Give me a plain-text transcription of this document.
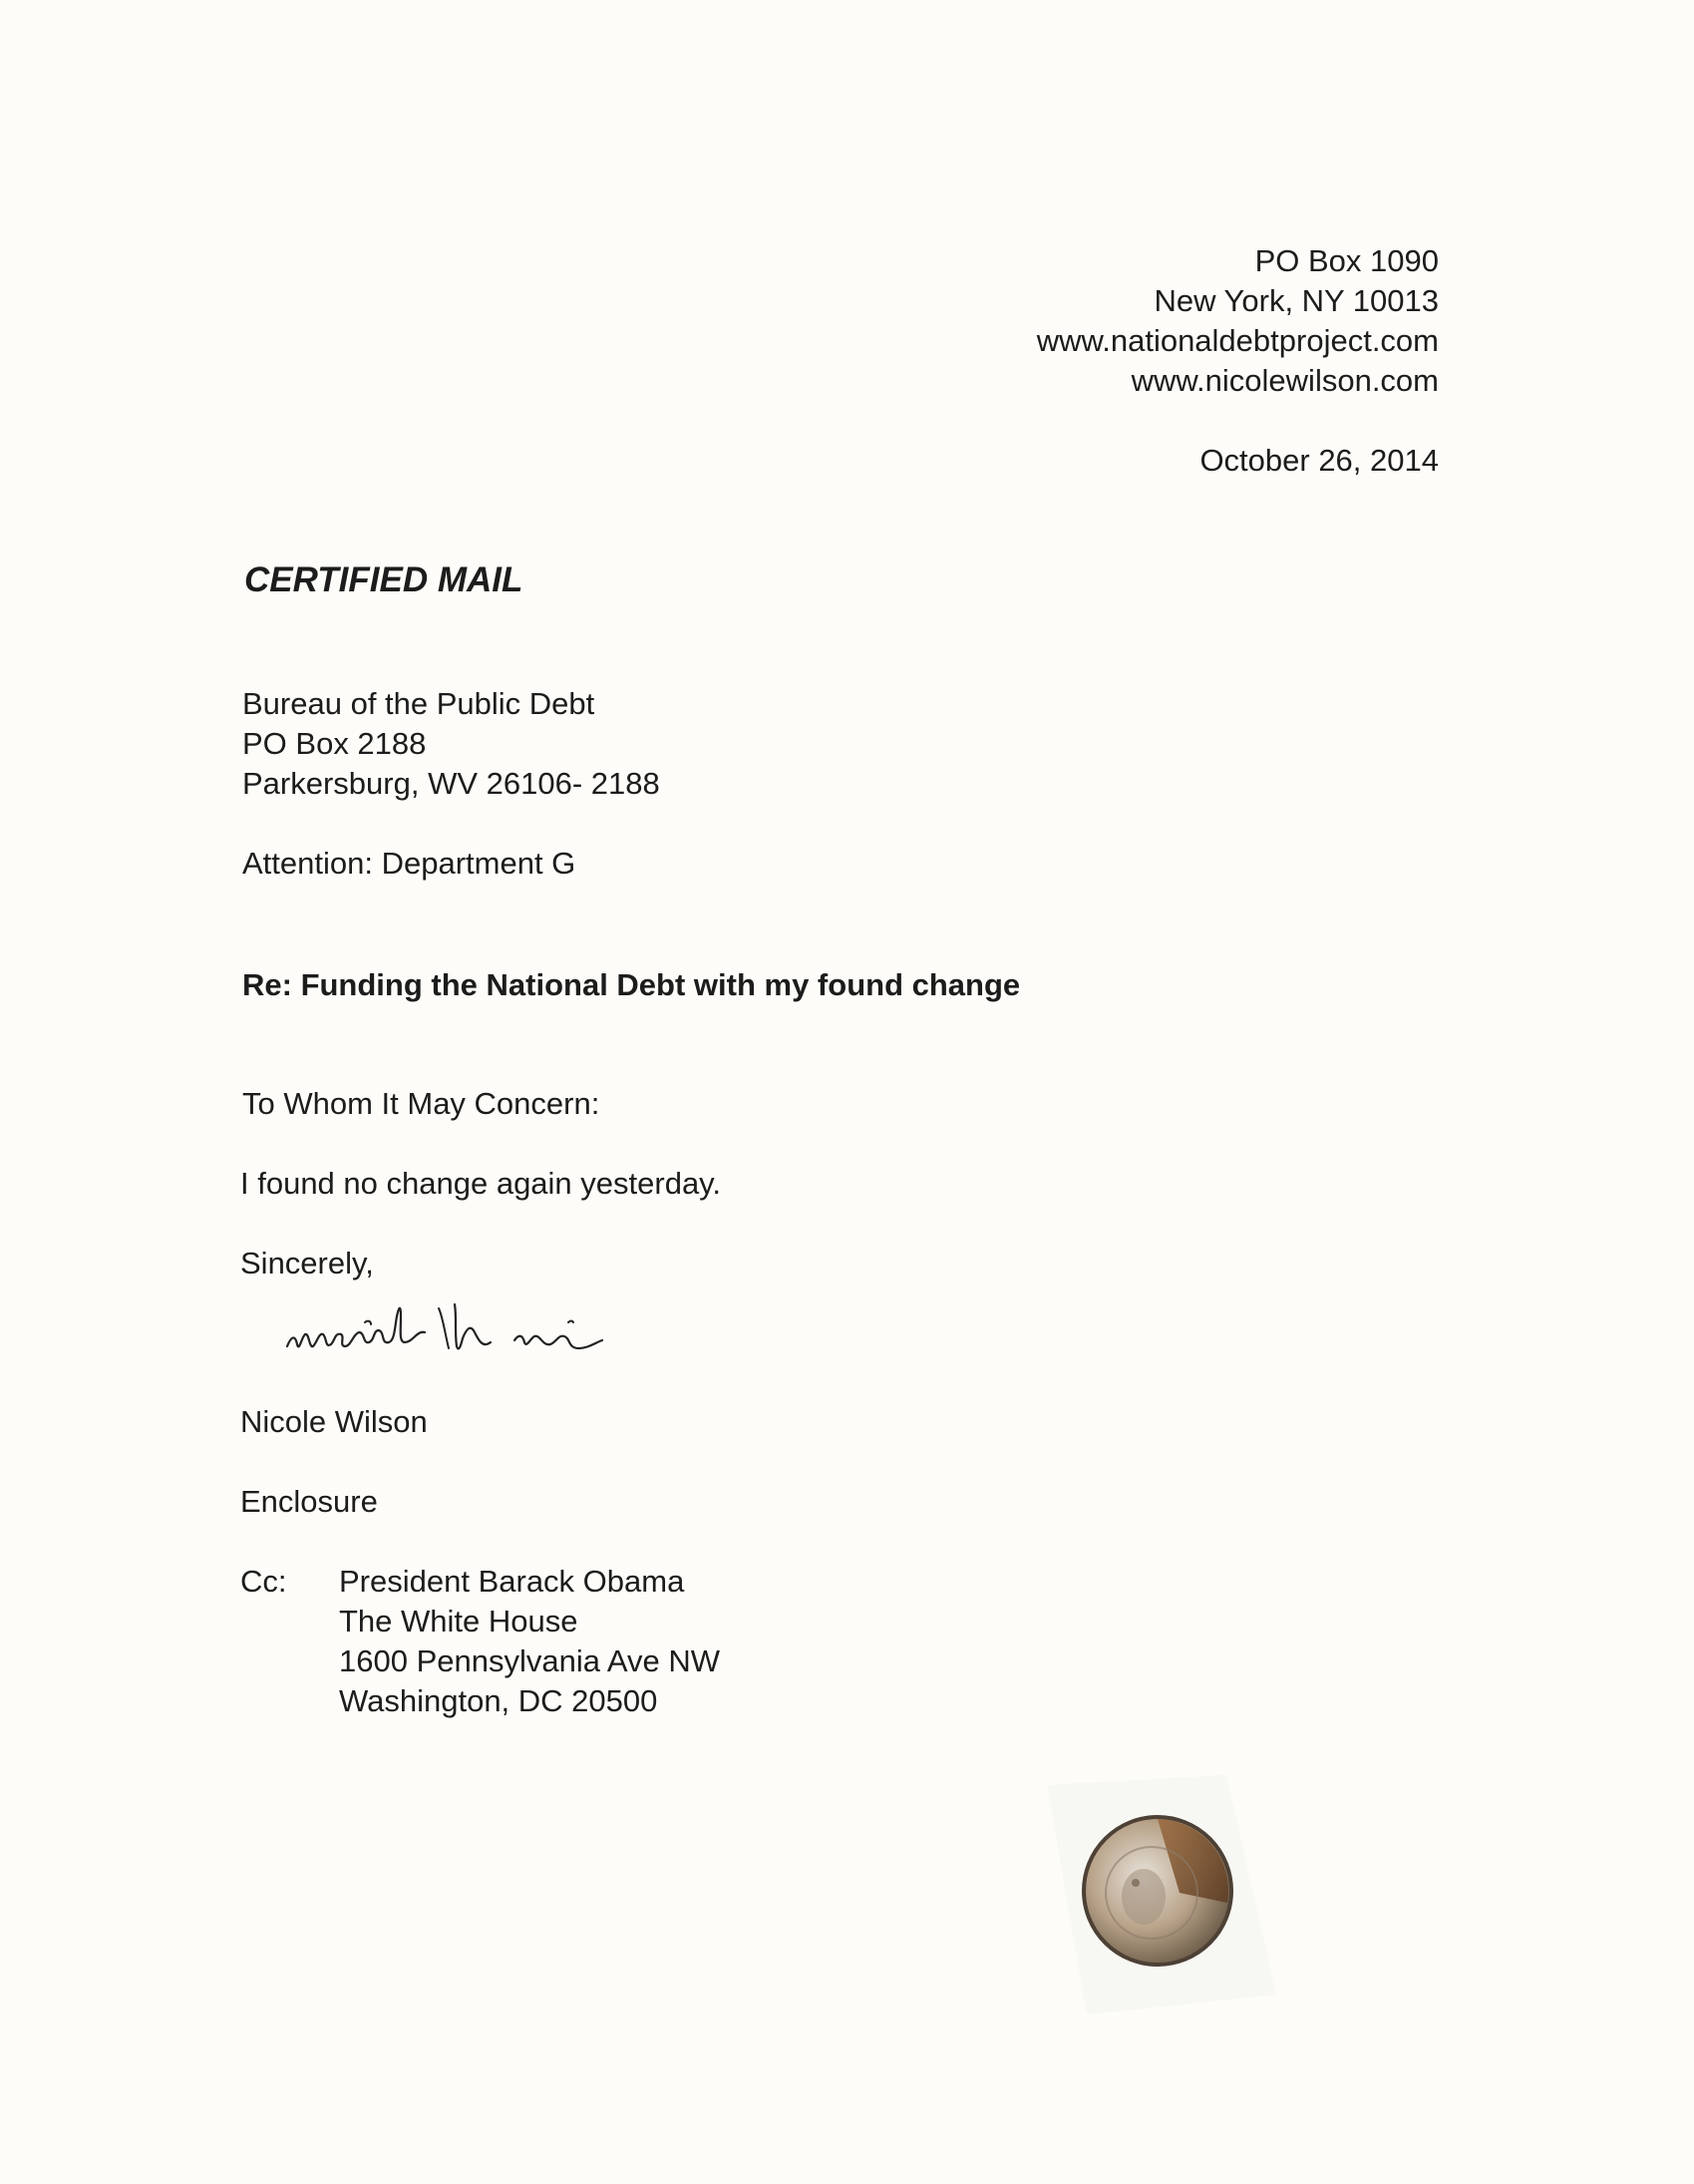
PO Box 1090
New York, NY 10013
www.nationaldebtproject.com
www.nicolewilson.com
October 26, 2014
CERTIFIED MAIL
Bureau of the Public Debt
PO Box 2188
Parkersburg, WV 26106- 2188
Attention: Department G
Re: Funding the National Debt with my found change
To Whom It May Concern:
I found no change again yesterday.
Sincerely,
Nicole Wilson
Nicole Wilson
Enclosure
Cc: President Barack Obama
The White House
1600 Pennsylvania Ave NW
Washington, DC 20500
